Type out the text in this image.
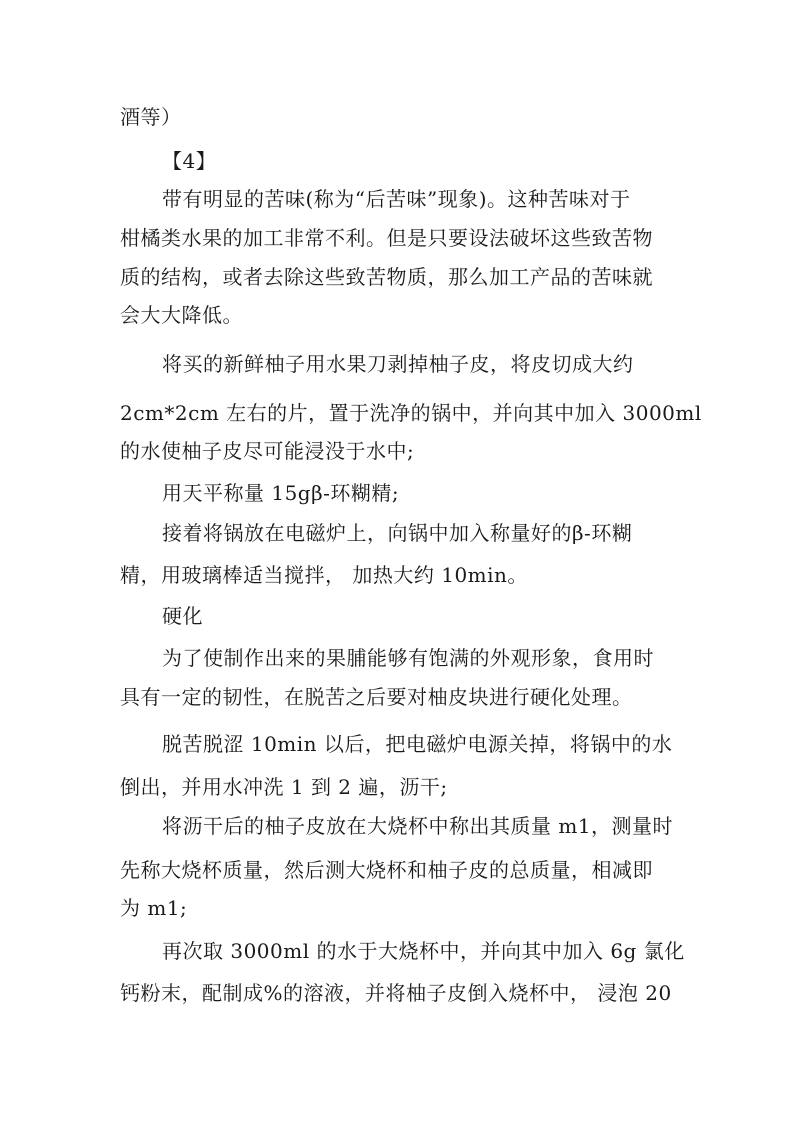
酒等）
【4】
带有明显的苦味(称为“后苦味”现象)。这种苦味对于
柑橘类水果的加工非常不利。但是只要设法破坏这些致苦物
质的结构，或者去除这些致苦物质，那么加工产品的苦味就
会大大降低。
将买的新鲜柚子用水果刀剥掉柚子皮，将皮切成大约
2cm*2cm 左右的片，置于洗净的锅中，并向其中加入 3000ml
的水使柚子皮尽可能浸没于水中;
用天平称量 15gβ-环糊精;
接着将锅放在电磁炉上，向锅中加入称量好的β-环糊
精，用玻璃棒适当搅拌， 加热大约 10min。
硬化
为了使制作出来的果脯能够有饱满的外观形象，食用时
具有一定的韧性，在脱苦之后要对柚皮块进行硬化处理。
脱苦脱涩 10min 以后，把电磁炉电源关掉，将锅中的水
倒出，并用水冲洗 1 到 2 遍，沥干;
将沥干后的柚子皮放在大烧杯中称出其质量 m1，测量时
先称大烧杯质量，然后测大烧杯和柚子皮的总质量，相减即
为 m1;
再次取 3000ml 的水于大烧杯中，并向其中加入 6g 氯化
钙粉末，配制成%的溶液，并将柚子皮倒入烧杯中， 浸泡 20
